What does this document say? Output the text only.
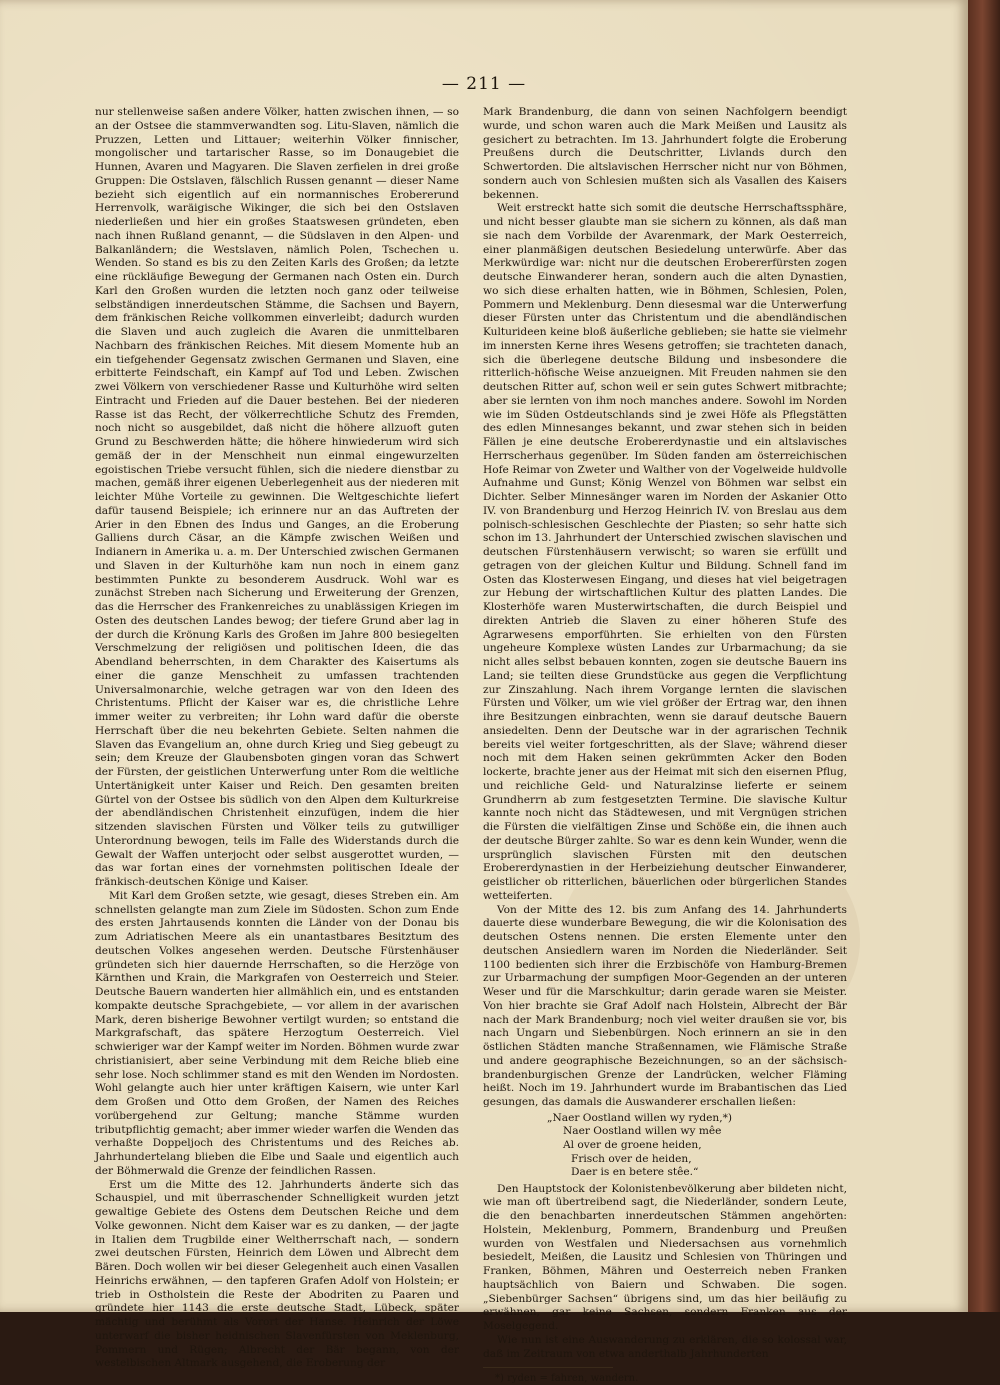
— 211 —

nur stellenweise saßen andere Völker, hatten zwischen ihnen, — so an der Ostsee die stammverwandten sog. Litu-Slaven, nämlich die Pruzzen, Letten und Littauer; weiterhin Völker finnischer, mongolischer und tartarischer Rasse, so im Donaugebiet die Hunnen, Avaren und Magyaren. Die Slaven zerfielen in drei große Gruppen: Die Ostslaven, fälschlich Russen genannt — dieser Name bezieht sich eigentlich auf ein normannisches Erobererund Herrenvolk, waräigische Wikinger, die sich bei den Ostslaven niederließen und hier ein großes Staatswesen gründeten, eben nach ihnen Rußland genannt, — die Südslaven in den Alpen- und Balkanländern; die Westslaven, nämlich Polen, Tschechen u. Wenden. So stand es bis zu den Zeiten Karls des Großen; da letzte eine rückläufige Bewegung der Germanen nach Osten ein. Durch Karl den Großen wurden die letzten noch ganz oder teilweise selbständigen innerdeutschen Stämme, die Sachsen und Bayern, dem fränkischen Reiche vollkommen einverleibt; dadurch wurden die Slaven und auch zugleich die Avaren die unmittelbaren Nachbarn des fränkischen Reiches. Mit diesem Momente hub an ein tiefgehender Gegensatz zwischen Germanen und Slaven, eine erbitterte Feindschaft, ein Kampf auf Tod und Leben. Zwischen zwei Völkern von verschiedener Rasse und Kulturhöhe wird selten Eintracht und Frieden auf die Dauer bestehen. Bei der niederen Rasse ist das Recht, der völkerrechtliche Schutz des Fremden, noch nicht so ausgebildet, daß nicht die höhere allzuoft guten Grund zu Beschwerden hätte; die höhere hinwiederum wird sich gemäß der in der Menschheit nun einmal eingewurzelten egoistischen Triebe versucht fühlen, sich die niedere dienstbar zu machen, gemäß ihrer eigenen Ueberlegenheit aus der niederen mit leichter Mühe Vorteile zu gewinnen. Die Weltgeschichte liefert dafür tausend Beispiele; ich erinnere nur an das Auftreten der Arier in den Ebnen des Indus und Ganges, an die Eroberung Galliens durch Cäsar, an die Kämpfe zwischen Weißen und Indianern in Amerika u. a. m. Der Unterschied zwischen Germanen und Slaven in der Kulturhöhe kam nun noch in einem ganz bestimmten Punkte zu besonderem Ausdruck. Wohl war es zunächst Streben nach Sicherung und Erweiterung der Grenzen, das die Herrscher des Frankenreiches zu unablässigen Kriegen im Osten des deutschen Landes bewog; der tiefere Grund aber lag in der durch die Krönung Karls des Großen im Jahre 800 besiegelten Verschmelzung der religiösen und politischen Ideen, die das Abendland beherrschten, in dem Charakter des Kaisertums als einer die ganze Menschheit zu umfassen trachtenden Universalmonarchie, welche getragen war von den Ideen des Christentums. Pflicht der Kaiser war es, die christliche Lehre immer weiter zu verbreiten; ihr Lohn ward dafür die oberste Herrschaft über die neu bekehrten Gebiete. Selten nahmen die Slaven das Evangelium an, ohne durch Krieg und Sieg gebeugt zu sein; dem Kreuze der Glaubensboten gingen voran das Schwert der Fürsten, der geistlichen Unterwerfung unter Rom die weltliche Untertänigkeit unter Kaiser und Reich. Den gesamten breiten Gürtel von der Ostsee bis südlich von den Alpen dem Kulturkreise der abendländischen Christenheit einzufügen, indem die hier sitzenden slavischen Fürsten und Völker teils zu gutwilliger Unterordnung bewogen, teils im Falle des Widerstands durch die Gewalt der Waffen unterjocht oder selbst ausgerottet wurden, — das war fortan eines der vornehmsten politischen Ideale der fränkisch-deutschen Könige und Kaiser.

Mit Karl dem Großen setzte, wie gesagt, dieses Streben ein. Am schnellsten gelangte man zum Ziele im Südosten. Schon zum Ende des ersten Jahrtausends konnten die Länder von der Donau bis zum Adriatischen Meere als ein unantastbares Besitztum des deutschen Volkes angesehen werden. Deutsche Fürstenhäuser gründeten sich hier dauernde Herrschaften, so die Herzöge von Kärnthen und Krain, die Markgrafen von Oesterreich und Steier. Deutsche Bauern wanderten hier allmählich ein, und es entstanden kompakte deutsche Sprachgebiete, — vor allem in der avarischen Mark, deren bisherige Bewohner vertilgt wurden; so entstand die Markgrafschaft, das spätere Herzogtum Oesterreich. Viel schwieriger war der Kampf weiter im Norden. Böhmen wurde zwar christianisiert, aber seine Verbindung mit dem Reiche blieb eine sehr lose. Noch schlimmer stand es mit den Wenden im Nordosten. Wohl gelangte auch hier unter kräftigen Kaisern, wie unter Karl dem Großen und Otto dem Großen, der Namen des Reiches vorübergehend zur Geltung; manche Stämme wurden tributpflichtig gemacht; aber immer wieder warfen die Wenden das verhaßte Doppeljoch des Christentums und des Reiches ab. Jahrhundertelang blieben die Elbe und Saale und eigentlich auch der Böhmerwald die Grenze der feindlichen Rassen.

Erst um die Mitte des 12. Jahrhunderts änderte sich das Schauspiel, und mit überraschender Schnelligkeit wurden jetzt gewaltige Gebiete des Ostens dem Deutschen Reiche und dem Volke gewonnen. Nicht dem Kaiser war es zu danken, — der jagte in Italien dem Trugbilde einer Weltherrschaft nach, — sondern zwei deutschen Fürsten, Heinrich dem Löwen und Albrecht dem Bären. Doch wollen wir bei dieser Gelegenheit auch einen Vasallen Heinrichs erwähnen, — den tapferen Grafen Adolf von Holstein; er trieb in Ostholstein die Reste der Abodriten zu Paaren und gründete hier 1143 die erste deutsche Stadt, Lübeck, später mächtig und berühmt als Vorort der Hanse. Heinrich der Löwe unterwarf die bisher heidnischen Slavenfürsten von Meklenburg, Pommern und Rügen; Albrecht der Bär begann, von der westelbischen Altmark ausgehend, die Eroberung der

Mark Brandenburg, die dann von seinen Nachfolgern beendigt wurde, und schon waren auch die Mark Meißen und Lausitz als gesichert zu betrachten. Im 13. Jahrhundert folgte die Eroberung Preußens durch die Deutschritter, Livlands durch den Schwertorden. Die altslavischen Herrscher nicht nur von Böhmen, sondern auch von Schlesien mußten sich als Vasallen des Kaisers bekennen.

Weit erstreckt hatte sich somit die deutsche Herrschaftssphäre, und nicht besser glaubte man sie sichern zu können, als daß man sie nach dem Vorbilde der Avarenmark, der Mark Oesterreich, einer planmäßigen deutschen Besiedelung unterwürfe. Aber das Merkwürdige war: nicht nur die deutschen Erobererfürsten zogen deutsche Einwanderer heran, sondern auch die alten Dynastien, wo sich diese erhalten hatten, wie in Böhmen, Schlesien, Polen, Pommern und Meklenburg. Denn diesesmal war die Unterwerfung dieser Fürsten unter das Christentum und die abendländischen Kulturideen keine bloß äußerliche geblieben; sie hatte sie vielmehr im innersten Kerne ihres Wesens getroffen; sie trachteten danach, sich die überlegene deutsche Bildung und insbesondere die ritterlich-höfische Weise anzueignen. Mit Freuden nahmen sie den deutschen Ritter auf, schon weil er sein gutes Schwert mitbrachte; aber sie lernten von ihm noch manches andere. Sowohl im Norden wie im Süden Ostdeutschlands sind je zwei Höfe als Pflegstätten des edlen Minnesanges bekannt, und zwar stehen sich in beiden Fällen je eine deutsche Erobererdynastie und ein altslavisches Herrscherhaus gegenüber. Im Süden fanden am österreichischen Hofe Reimar von Zweter und Walther von der Vogelweide huldvolle Aufnahme und Gunst; König Wenzel von Böhmen war selbst ein Dichter. Selber Minnesänger waren im Norden der Askanier Otto IV. von Brandenburg und Herzog Heinrich IV. von Breslau aus dem polnisch-schlesischen Geschlechte der Piasten; so sehr hatte sich schon im 13. Jahrhundert der Unterschied zwischen slavischen und deutschen Fürstenhäusern verwischt; so waren sie erfüllt und getragen von der gleichen Kultur und Bildung. Schnell fand im Osten das Klosterwesen Eingang, und dieses hat viel beigetragen zur Hebung der wirtschaftlichen Kultur des platten Landes. Die Klosterhöfe waren Musterwirtschaften, die durch Beispiel und direkten Antrieb die Slaven zu einer höheren Stufe des Agrarwesens emporführten. Sie erhielten von den Fürsten ungeheure Komplexe wüsten Landes zur Urbarmachung; da sie nicht alles selbst bebauen konnten, zogen sie deutsche Bauern ins Land; sie teilten diese Grundstücke aus gegen die Verpflichtung zur Zinszahlung. Nach ihrem Vorgange lernten die slavischen Fürsten und Völker, um wie viel größer der Ertrag war, den ihnen ihre Besitzungen einbrachten, wenn sie darauf deutsche Bauern ansiedelten. Denn der Deutsche war in der agrarischen Technik bereits viel weiter fortgeschritten, als der Slave; während dieser noch mit dem Haken seinen gekrümmten Acker den Boden lockerte, brachte jener aus der Heimat mit sich den eisernen Pflug, und reichliche Geld- und Naturalzinse lieferte er seinem Grundherrn ab zum festgesetzten Termine. Die slavische Kultur kannte noch nicht das Städtewesen, und mit Vergnügen strichen die Fürsten die vielfältigen Zinse und Schöße ein, die ihnen auch der deutsche Bürger zahlte. So war es denn kein Wunder, wenn die ursprünglich slavischen Fürsten mit den deutschen Erobererdynastien in der Herbeiziehung deutscher Einwanderer, geistlicher ob ritterlichen, bäuerlichen oder bürgerlichen Standes wetteiferten.

Von der Mitte des 12. bis zum Anfang des 14. Jahrhunderts dauerte diese wunderbare Bewegung, die wir die Kolonisation des deutschen Ostens nennen. Die ersten Elemente unter den deutschen Ansiedlern waren im Norden die Niederländer. Seit 1100 bedienten sich ihrer die Erzbischöfe von Hamburg-Bremen zur Urbarmachung der sumpfigen Moor-Gegenden an der unteren Weser und für die Marschkultur; darin gerade waren sie Meister. Von hier brachte sie Graf Adolf nach Holstein, Albrecht der Bär nach der Mark Brandenburg; noch viel weiter draußen sie vor, bis nach Ungarn und Siebenbürgen. Noch erinnern an sie in den östlichen Städten manche Straßennamen, wie Flämische Straße und andere geographische Bezeichnungen, so an der sächsisch-brandenburgischen Grenze der Landrücken, welcher Fläming heißt. Noch im 19. Jahrhundert wurde im Brabantischen das Lied gesungen, das damals die Auswanderer erschallen ließen:

„Naer Oostland willen wy ryden,*)
Naer Oostland willen wy mêe
Al over de groene heiden,
Frisch over de heiden,
Daer is en betere stêe.“

Den Hauptstock der Kolonistenbevölkerung aber bildeten nicht, wie man oft übertreibend sagt, die Niederländer, sondern Leute, die den benachbarten innerdeutschen Stämmen angehörten: Holstein, Meklenburg, Pommern, Brandenburg und Preußen wurden von Westfalen und Niedersachsen aus vornehmlich besiedelt, Meißen, die Lausitz und Schlesien von Thüringen und Franken, Böhmen, Mähren und Oesterreich neben Franken hauptsächlich von Baiern und Schwaben. Die sogen. „Siebenbürger Sachsen“ übrigens sind, um das hier beiläufig zu erwähnen, gar keine Sachsen, sondern Franken aus der Moselgegend.

Wie nun ist eine Auswanderung zu erklären, die so kolossal war, daß im Zeitraum von etwa anderthalb Jahrhunderten

*) ryden = fahren, wandern.
